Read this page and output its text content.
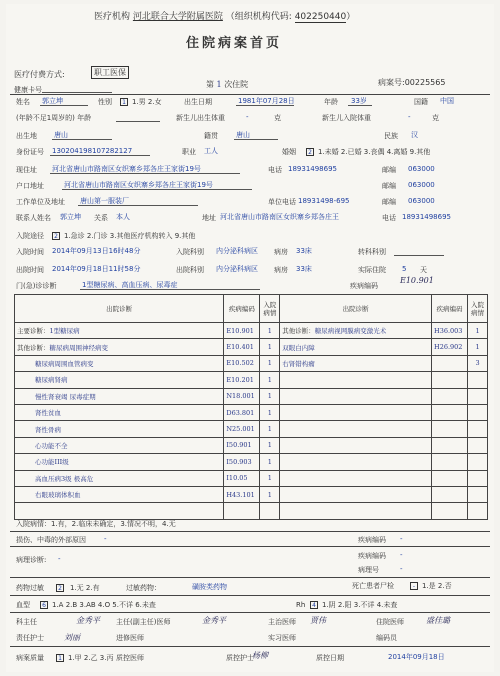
医疗机构 河北联合大学附属医院 （组织机构代码: 402250440）
住院病案首页
医疗付费方式:	职工医保
健康卡号
第 1 次住院	病案号:00225565
姓名 郭立坤	性别	1 1.男 2.女	出生日期	1981年07月28日	年龄 33岁	国籍 中国
(年龄不足1周岁的) 年龄	新生儿出生体重	-	克	新生儿入院体重	-	克
出生地 唐山	籍贯	唐山	民族 汉
身份证号 130204198107282127	职业 工人	婚姻	2 1.未婚 2.已婚 3.丧偶 4.离婚 9.其他
现住址 河北省唐山市路南区女织寨乡郑各庄王家街19号	电话 18931498695	邮编 063000
户口地址	河北省唐山市路南区女织寨乡郑各庄王家街19号	邮编 063000
工作单位及地址 唐山第一服装厂	单位电话 18931498-695	邮编 063000
联系人姓名 郭立坤 关系 本人	地址 河北省唐山市路南区女织寨乡郑各庄王	电话 18931498695
入院途径	2 1.急诊 2.门诊 3.其他医疗机构转入 9.其他
入院时间 2014年09月13日16时48分	入院科别 内分泌科病区 病房 33床	转科科别
出院时间 2014年09月18日11时58分	出院科别 内分泌科病区 病房 33床	实际住院 5 天
门(急)诊诊断	1型糖尿病、高血压病、尿毒症	疾病编码
E10.901
出院诊断	疾病编码	入院病情	出院诊断	疾病编码	入院病情
主要诊断：1型糖尿病	E10.901	1	其他诊断：糖尿病视网膜病变激光术	H36.003	1
其他诊断：糖尿病周围神经病变	E10.401	1	双眼白内障	H26.902	1
糖尿病周围血管病变	E10.502	1	右肾错构瘤		3
糖尿病肾病	E10.201	1			
慢性肾衰竭 尿毒症期	N18.001	1			
肾性贫血	D63.801	1			
肾性骨病	N25.001	1			
心功能不全	I50.901	1			
心功能III级	I50.903	1			
高血压病3级 极高危	I10.05	1			
右眼玻璃体积血	H43.101	1			

入院病情：1.有，2.临床未确定，3.情况不明，4.无
损伤、中毒的外部原因	-	疾病编码 -
病理诊断: -	疾病编码 -
病理号	-
药物过敏	2 1.无 2.有	过敏药物：	磺胺类药物	死亡患者尸检	- 1.是 2.否
血型	6 1.A 2.B 3.AB 4.O 5.不详 6.未查	Rh	4 1.阴 2.阳 3.不详 4.未查
科主任	金秀平 主任(副主任)医师	金秀平	主治医师 贾伟	住院医师	盛佳璐
责任护士	刘丽	进修医师	实习医师	编码员
病案质量	1 1.甲 2.乙 3.丙 质控医师	质控护士
杨柳	质控日期	2014年09月18日
